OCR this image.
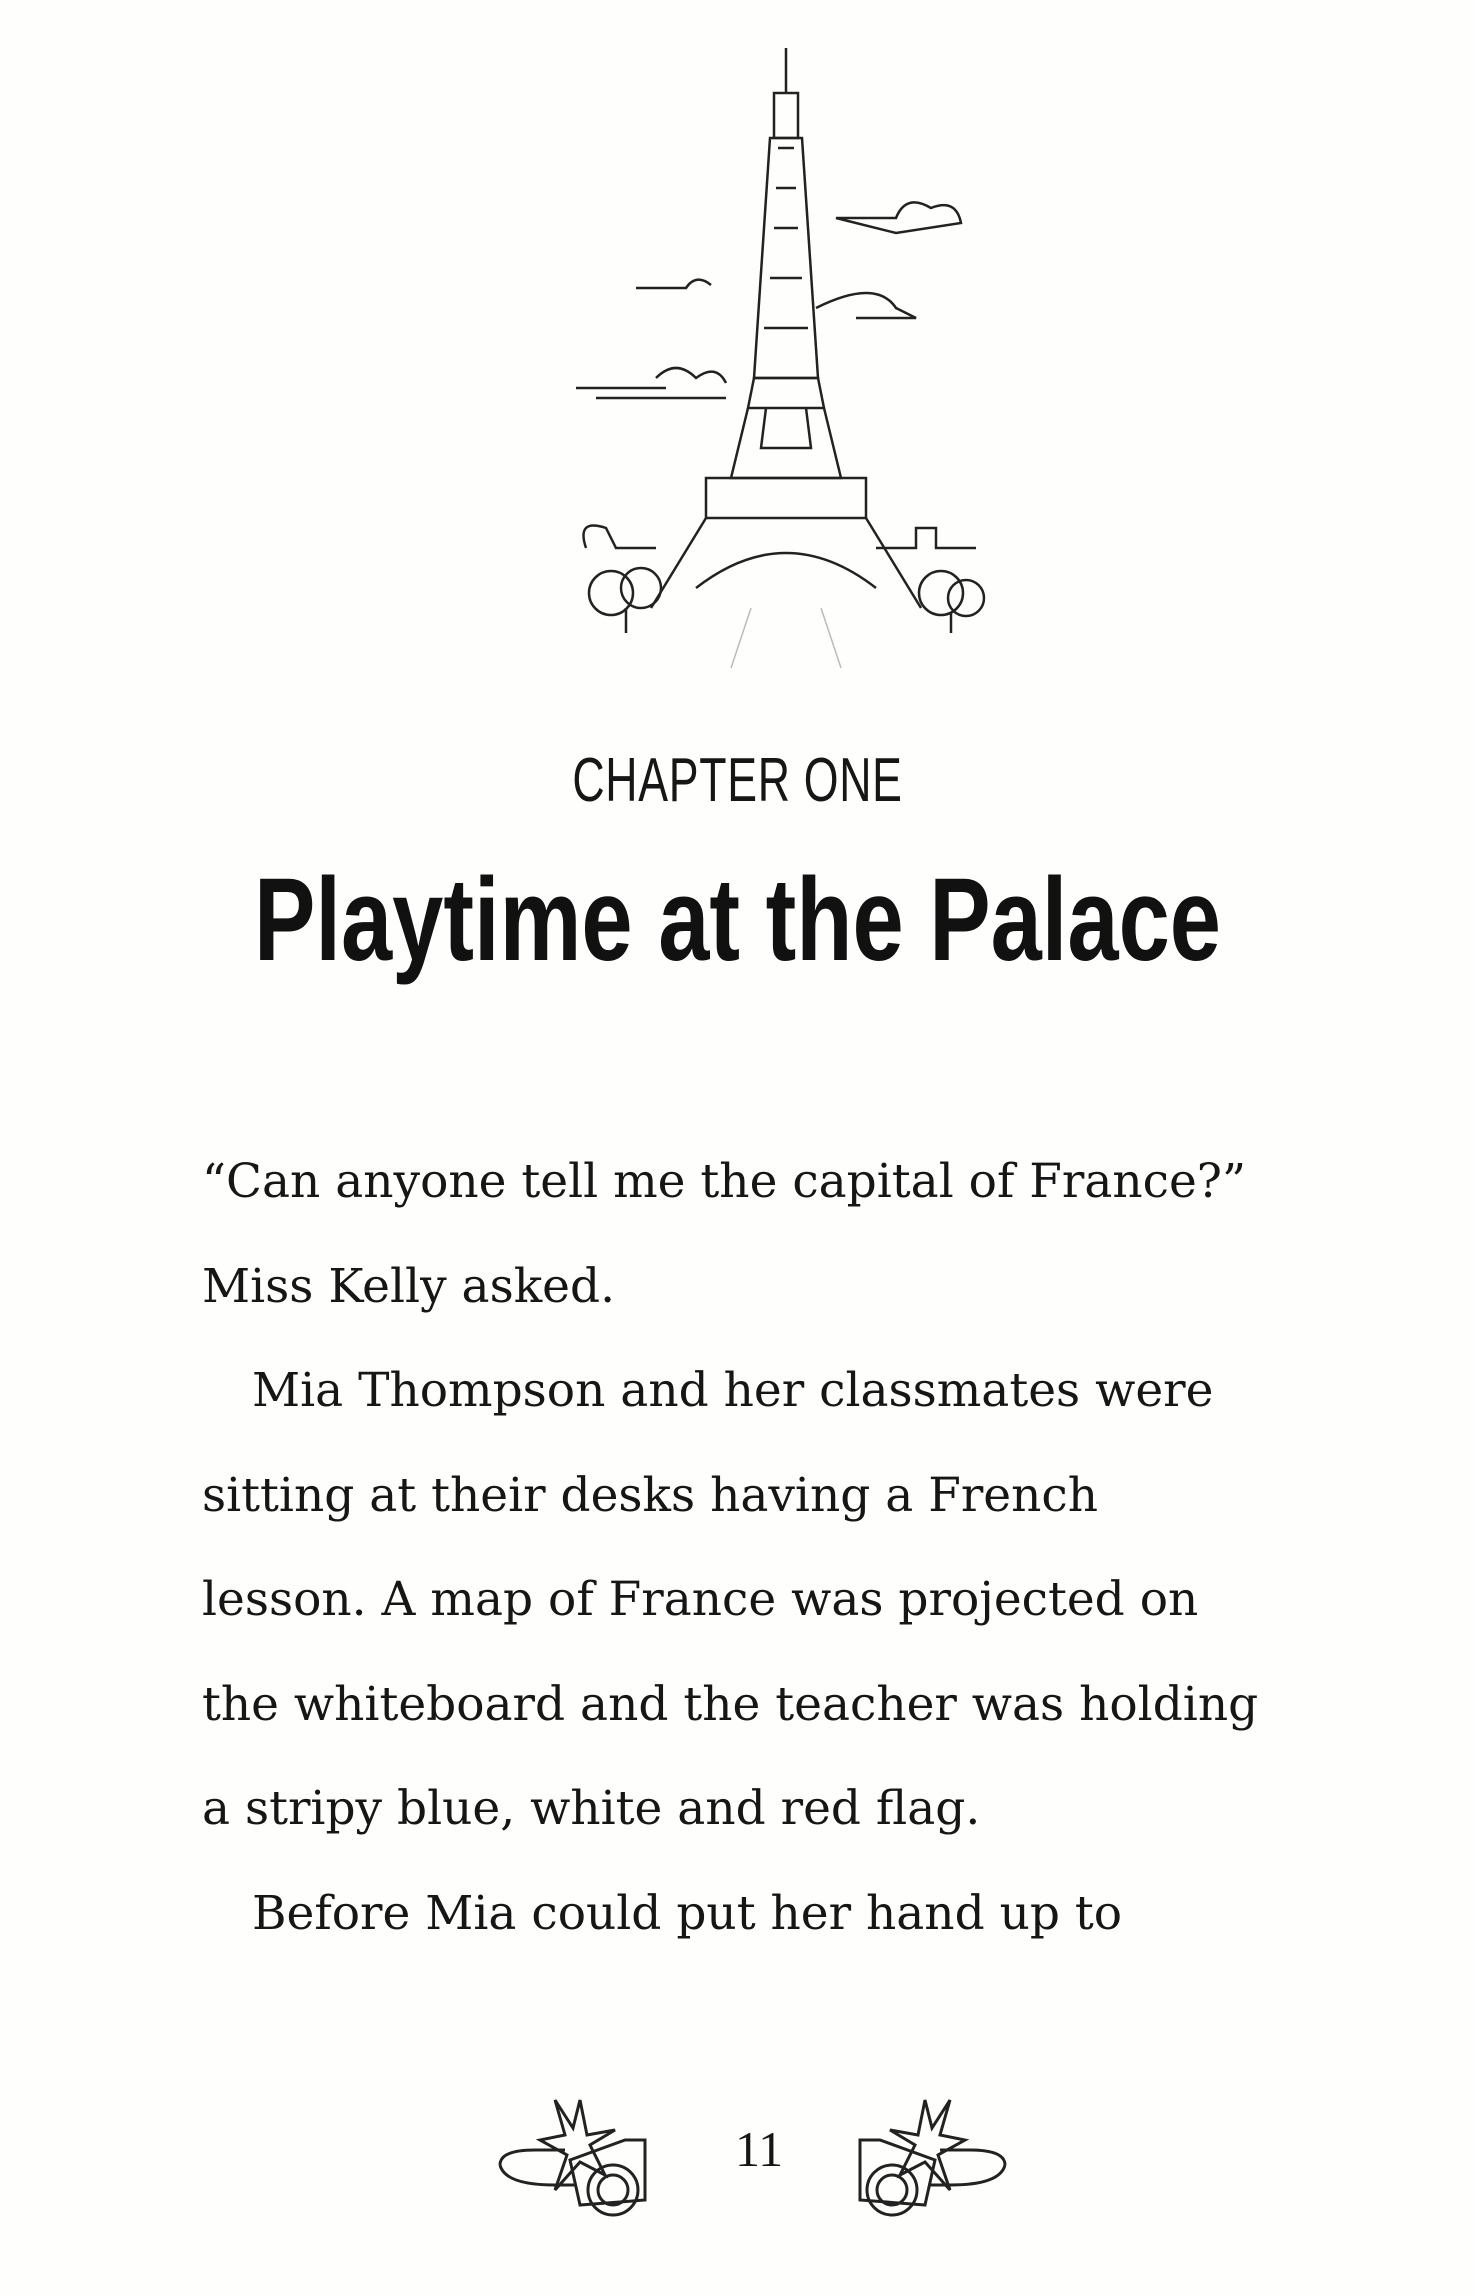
CHAPTER ONE
Playtime at the Palace
“Can anyone tell me the capital of France?”
Miss Kelly asked.
Mia Thompson and her classmates were
sitting at their desks having a French
lesson. A map of France was projected on
the whiteboard and the teacher was holding
a stripy blue, white and red flag.
Before Mia could put her hand up to
11
